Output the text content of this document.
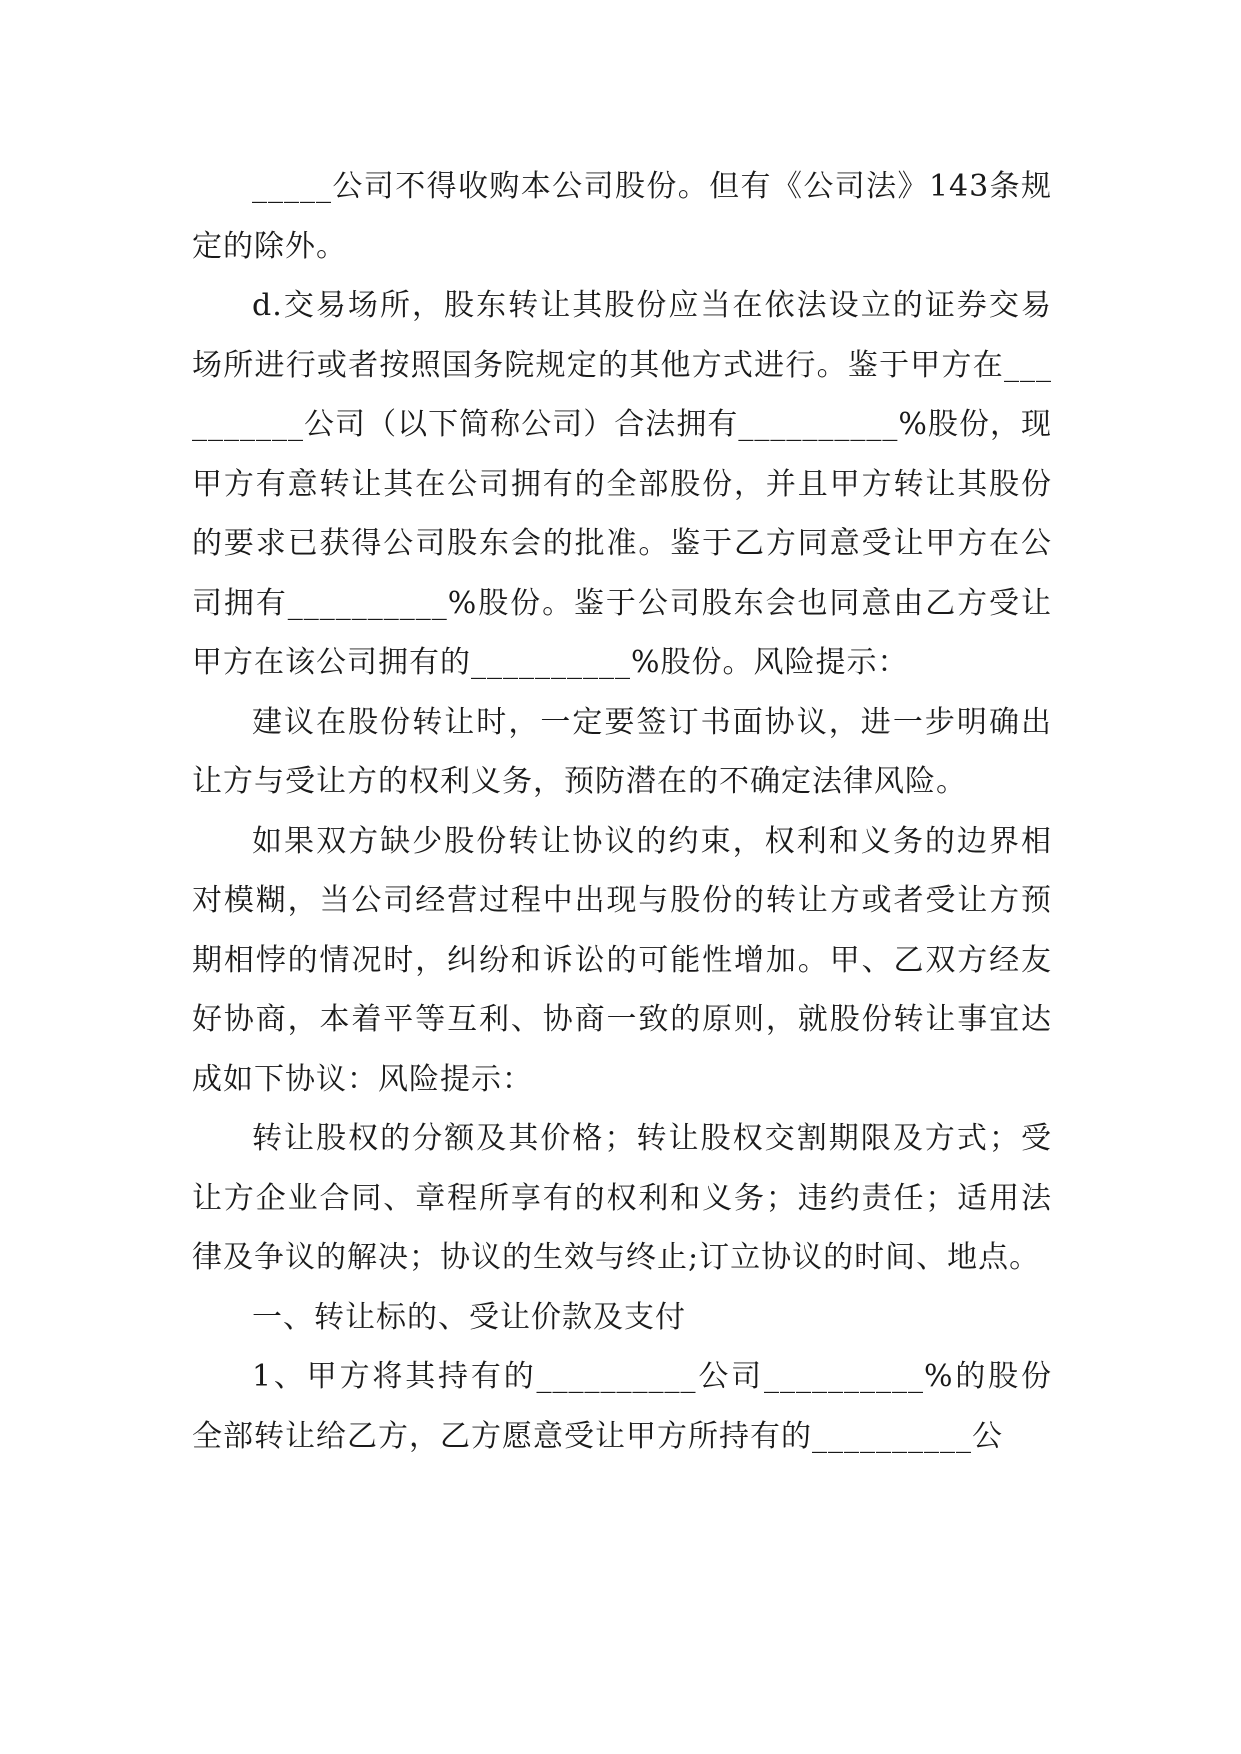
_____公司不得收购本公司股份。但有《公司法》143条规定的除外。

d.交易场所，股东转让其股份应当在依法设立的证券交易场所进行或者按照国务院规定的其他方式进行。鉴于甲方在__________公司（以下简称公司）合法拥有__________%股份，现甲方有意转让其在公司拥有的全部股份，并且甲方转让其股份的要求已获得公司股东会的批准。鉴于乙方同意受让甲方在公司拥有__________%股份。鉴于公司股东会也同意由乙方受让甲方在该公司拥有的__________%股份。风险提示：

建议在股份转让时，一定要签订书面协议，进一步明确出让方与受让方的权利义务，预防潜在的不确定法律风险。

如果双方缺少股份转让协议的约束，权利和义务的边界相对模糊，当公司经营过程中出现与股份的转让方或者受让方预期相悖的情况时，纠纷和诉讼的可能性增加。甲、乙双方经友好协商，本着平等互利、协商一致的原则，就股份转让事宜达成如下协议：风险提示：

转让股权的分额及其价格；转让股权交割期限及方式；受让方企业合同、章程所享有的权利和义务；违约责任；适用法律及争议的解决；协议的生效与终止;订立协议的时间、地点。

一、转让标的、受让价款及支付

1、甲方将其持有的__________公司__________%的股份全部转让给乙方，乙方愿意受让甲方所持有的__________公
